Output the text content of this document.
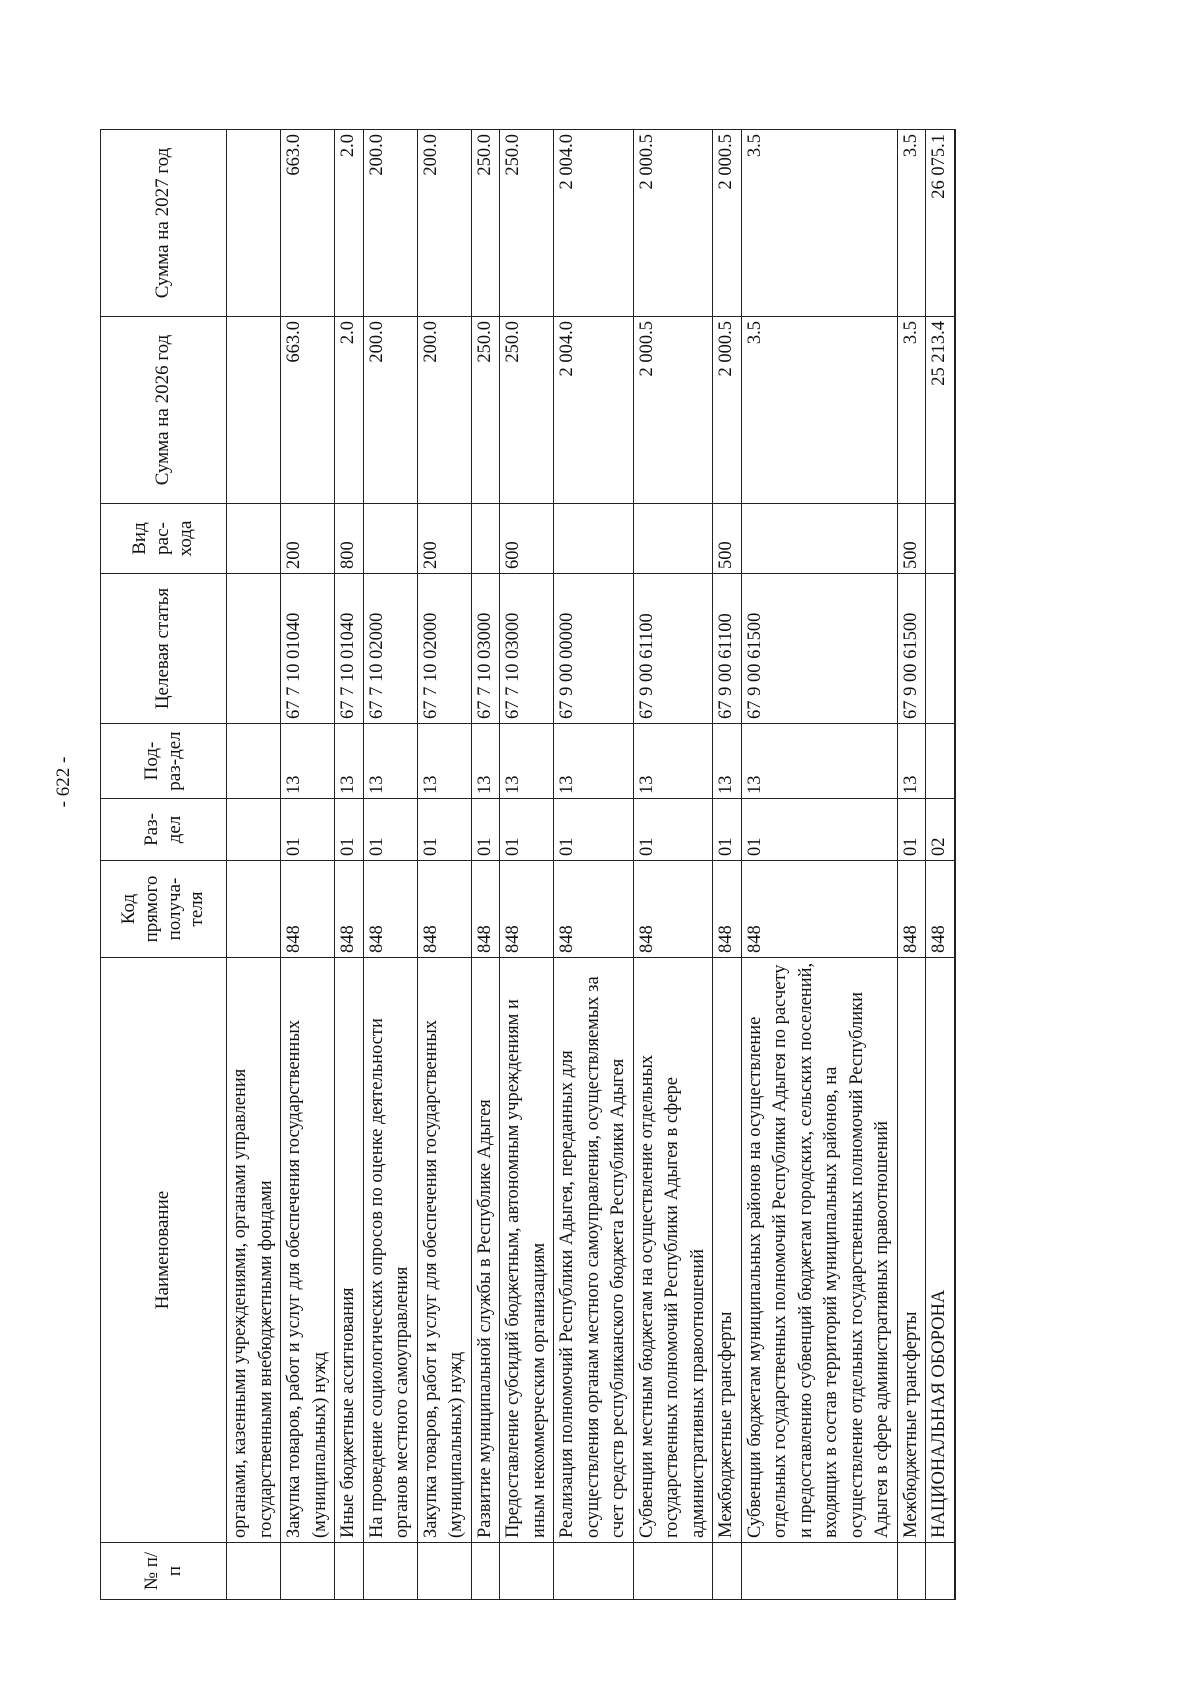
- 622 -
№ п/п	Наименование	Код прямого получа-теля	Раз-дел	Под-раз-дел	Целевая статья	Вид рас-хода	Сумма на 2026 год	Сумма на 2027 год
	органами, казенными учреждениями, органами управления государственными внебюджетными фондами							
	Закупка товаров, работ и услуг для обеспечения государственных (муниципальных) нужд	848	01	13	67 7 10 01040	200	663.0	663.0
	Иные бюджетные ассигнования	848	01	13	67 7 10 01040	800	2.0	2.0
	На проведение социологических опросов по оценке деятельности органов местного самоуправления	848	01	13	67 7 10 02000		200.0	200.0
	Закупка товаров, работ и услуг для обеспечения государственных (муниципальных) нужд	848	01	13	67 7 10 02000	200	200.0	200.0
	Развитие муниципальной службы в Республике Адыгея	848	01	13	67 7 10 03000		250.0	250.0
	Предоставление субсидий бюджетным, автономным учреждениям и иным некоммерческим организациям	848	01	13	67 7 10 03000	600	250.0	250.0
	Реализация полномочий Республики Адыгея, переданных для осуществления органам местного самоуправления, осуществляемых за счет средств республиканского бюджета Республики Адыгея	848	01	13	67 9 00 00000		2 004.0	2 004.0
	Субвенции местным бюджетам на осуществление отдельных государственных полномочий Республики Адыгея в сфере административных правоотношений	848	01	13	67 9 00 61100		2 000.5	2 000.5
	Межбюджетные трансферты	848	01	13	67 9 00 61100	500	2 000.5	2 000.5
	Субвенции бюджетам муниципальных районов на осуществление отдельных государственных полномочий Республики Адыгея по расчету и предоставлению субвенций бюджетам городских, сельских поселений, входящих в состав территорий муниципальных районов, на осуществление отдельных государственных полномочий Республики Адыгея в сфере административных правоотношений	848	01	13	67 9 00 61500		3.5	3.5
	Межбюджетные трансферты	848	01	13	67 9 00 61500	500	3.5	3.5
	НАЦИОНАЛЬНАЯ ОБОРОНА	848	02				25 213.4	26 075.1
